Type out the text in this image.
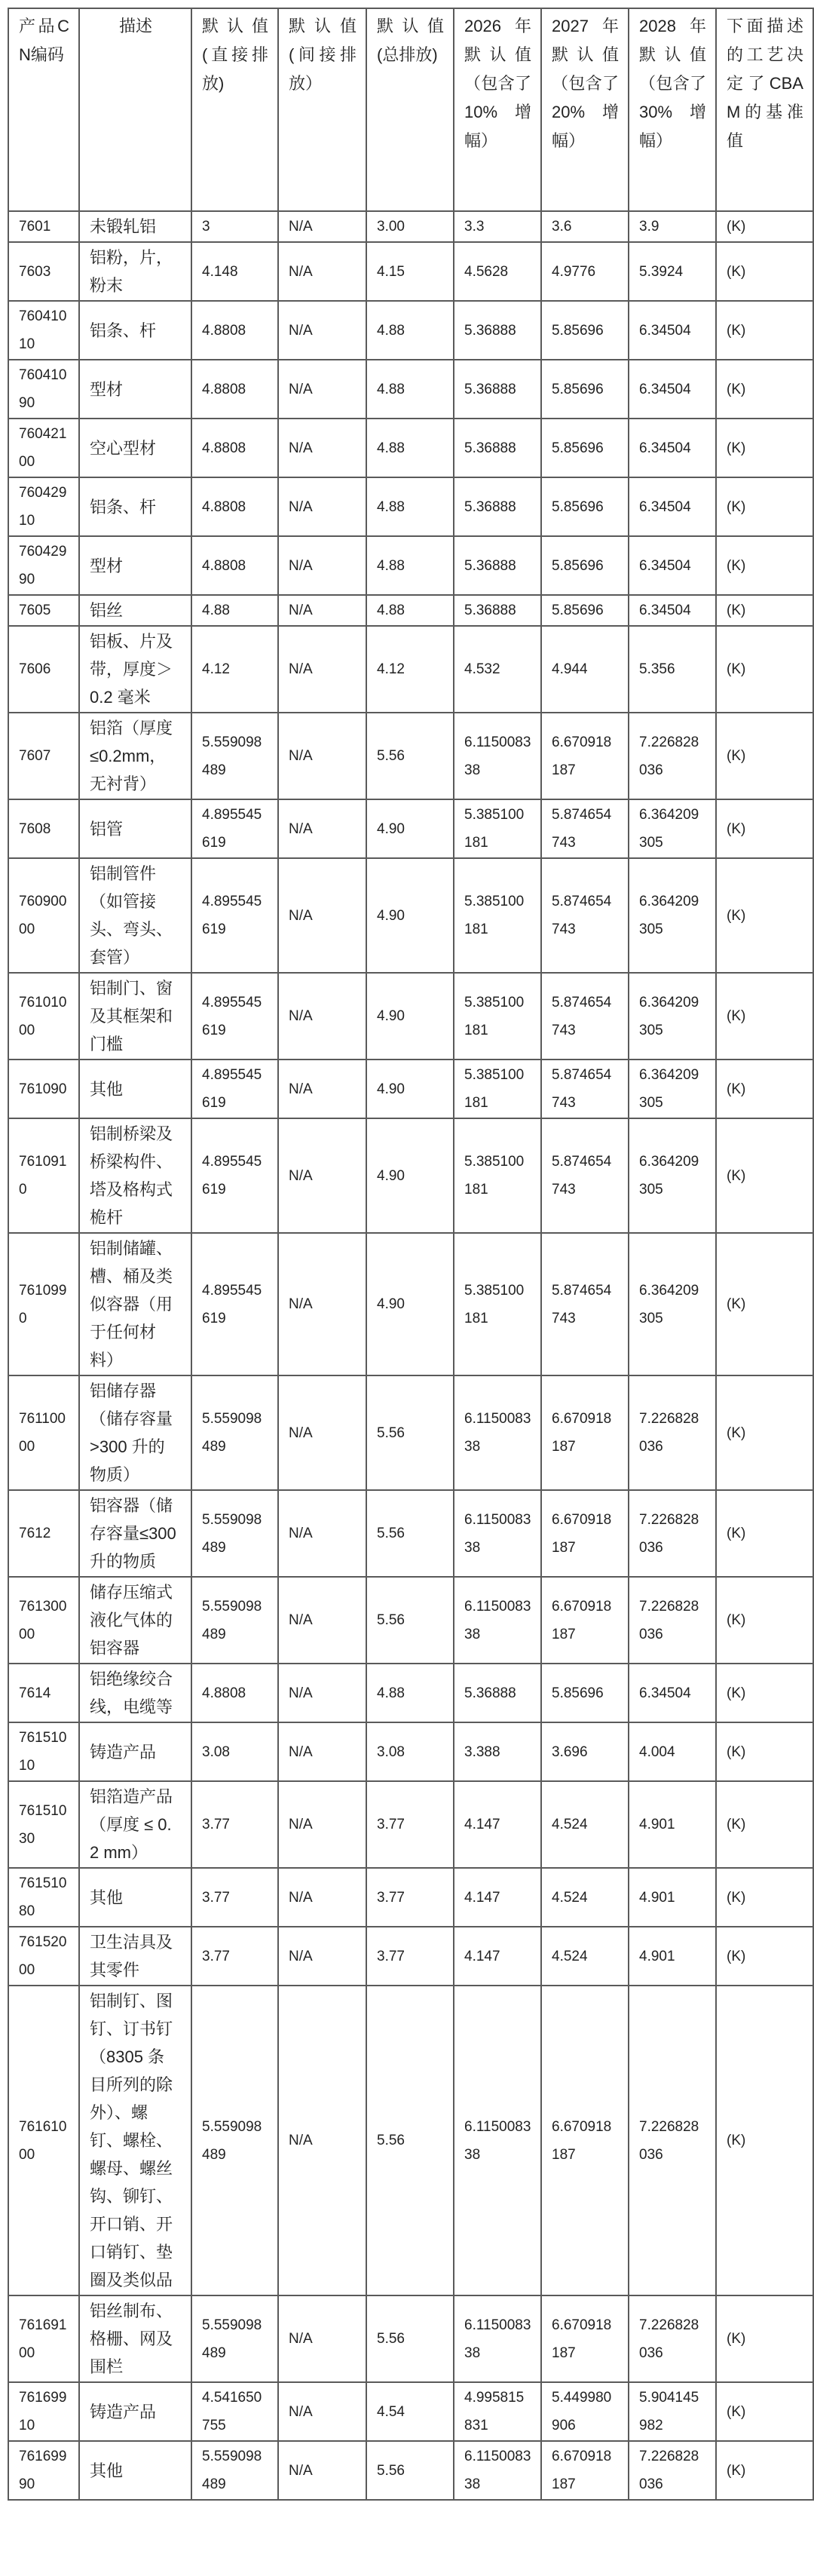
产品CN编码	描述	默认值(直接排放)	默认值(间接排放）	默认值(总排放)	2026年默认值（包含了10%增幅）	2027年默认值（包含了20%增幅）	2028年默认值（包含了30%增幅）	下面描述的工艺决定了CBAM的基准值
7601	未锻轧铝	3	N/A	3.00	3.3	3.6	3.9	(K)
7603	铝粉，片，粉末	4.148	N/A	4.15	4.5628	4.9776	5.3924	(K)
76041010	铝条、杆	4.8808	N/A	4.88	5.36888	5.85696	6.34504	(K)
76041090	型材	4.8808	N/A	4.88	5.36888	5.85696	6.34504	(K)
76042100	空心型材	4.8808	N/A	4.88	5.36888	5.85696	6.34504	(K)
76042910	铝条、杆	4.8808	N/A	4.88	5.36888	5.85696	6.34504	(K)
76042990	型材	4.8808	N/A	4.88	5.36888	5.85696	6.34504	(K)
7605	铝丝	4.88	N/A	4.88	5.36888	5.85696	6.34504	(K)
7606	铝板、片及带，厚度＞0.2 毫米	4.12	N/A	4.12	4.532	4.944	5.356	(K)
7607	铝箔（厚度≤0.2mm，无衬背）	5.559098489	N/A	5.56	6.115008338	6.670918187	7.226828036	(K)
7608	铝管	4.895545619	N/A	4.90	5.385100181	5.874654743	6.364209305	(K)
76090000	铝制管件（如管接头、弯头、套管）	4.895545619	N/A	4.90	5.385100181	5.874654743	6.364209305	(K)
76101000	铝制门、窗及其框架和门槛	4.895545619	N/A	4.90	5.385100181	5.874654743	6.364209305	(K)
761090	其他	4.895545619	N/A	4.90	5.385100181	5.874654743	6.364209305	(K)
7610910	铝制桥梁及桥梁构件、塔及格构式桅杆	4.895545619	N/A	4.90	5.385100181	5.874654743	6.364209305	(K)
7610990	铝制储罐、槽、桶及类似容器（用于任何材料）	4.895545619	N/A	4.90	5.385100181	5.874654743	6.364209305	(K)
76110000	铝储存器（储存容量>300 升的物质）	5.559098489	N/A	5.56	6.115008338	6.670918187	7.226828036	(K)
7612	铝容器（储存容量≤300 升的物质	5.559098489	N/A	5.56	6.115008338	6.670918187	7.226828036	(K)
76130000	储存压缩式液化气体的铝容器	5.559098489	N/A	5.56	6.115008338	6.670918187	7.226828036	(K)
7614	铝绝缘绞合线，电缆等	4.8808	N/A	4.88	5.36888	5.85696	6.34504	(K)
76151010	铸造产品	3.08	N/A	3.08	3.388	3.696	4.004	(K)
76151030	铝箔造产品（厚度 ≤ 0.2 mm）	3.77	N/A	3.77	4.147	4.524	4.901	(K)
76151080	其他	3.77	N/A	3.77	4.147	4.524	4.901	(K)
76152000	卫生洁具及其零件	3.77	N/A	3.77	4.147	4.524	4.901	(K)
76161000	铝制钉、图钉、订书钉（8305 条目所列的除外）、螺钉、螺栓、螺母、螺丝钩、铆钉、开口销、开口销钉、垫圈及类似品	5.559098489	N/A	5.56	6.115008338	6.670918187	7.226828036	(K)
76169100	铝丝制布、格栅、网及围栏	5.559098489	N/A	5.56	6.115008338	6.670918187	7.226828036	(K)
76169910	铸造产品	4.541650755	N/A	4.54	4.995815831	5.449980906	5.904145982	(K)
76169990	其他	5.559098489	N/A	5.56	6.115008338	6.670918187	7.226828036	(K)
